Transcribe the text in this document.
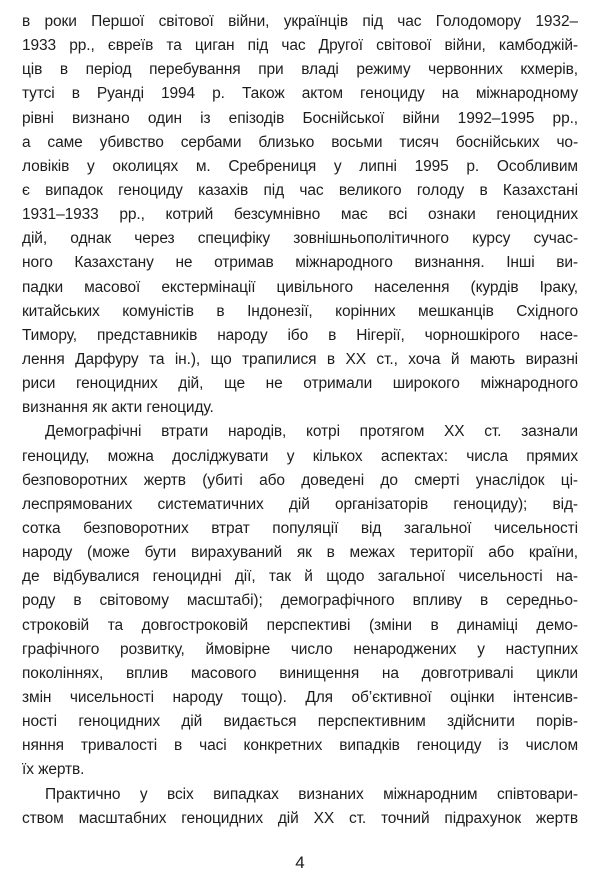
в роки Першої світової війни, українців під час Голодомору 1932–
1933 рр., євреїв та циган під час Другої світової війни, камбоджій-
ців в період перебування при владі режиму червонних кхмерів,
тутсі в Руанді 1994 р. Також актом геноциду на міжнародному
рівні визнано один із епізодів Боснійської війни 1992–1995 рр.,
а саме убивство сербами близько восьми тисяч боснійських чо-
ловіків у околицях м. Сребрениця у липні 1995 р. Особливим
є випадок геноциду казахів під час великого голоду в Казахстані
1931–1933 рр., котрий безсумнівно має всі ознаки геноцидних
дій, однак через специфіку зовнішньополітичного курсу сучас-
ного Казахстану не отримав міжнародного визнання. Інші ви-
падки масової екстермінації цивільного населення (курдів Іраку,
китайських комуністів в Індонезії, корінних мешканців Східного
Тимору, представників народу ібо в Нігерії, чорношкірого насе-
лення Дарфуру та ін.), що трапилися в ХХ ст., хоча й мають виразні
риси геноцидних дій, ще не отримали широкого міжнародного
визнання як акти геноциду.
Демографічні втрати народів, котрі протягом ХХ ст. зазнали
геноциду, можна досліджувати у кількох аспектах: числа прямих
безповоротних жертв (убиті або доведені до смерті унаслідок ці-
леспрямованих систематичних дій організаторів геноциду); від-
сотка безповоротних втрат популяції від загальної чисельності
народу (може бути вирахуваний як в межах території або країни,
де відбувалися геноцидні дії, так й щодо загальної чисельності на-
роду в світовому масштабі); демографічного впливу в середньо-
строковій та довгостроковій перспективі (зміни в динаміці демо-
графічного розвитку, ймовірне число ненароджених у наступних
поколіннях, вплив масового винищення на довготривалі цикли
змін чисельності народу тощо). Для об’єктивної оцінки інтенсив-
ності геноцидних дій видається перспективним здійснити порів-
няння тривалості в часі конкретних випадків геноциду із числом
їх жертв.
Практично у всіх випадках визнаних міжнародним співтовари-
ством масштабних геноцидних дій ХХ ст. точний підрахунок жертв
4
